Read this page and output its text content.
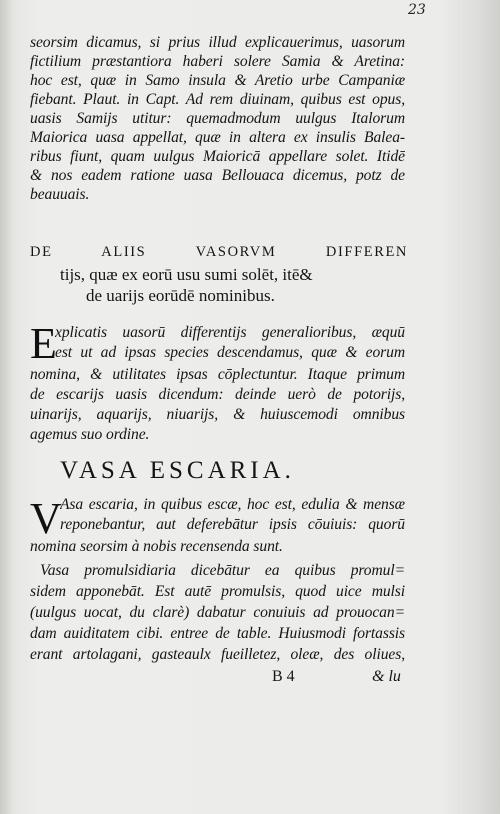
23
seorsim dicamus, si prius illud explicauerimus, uasorum
fictilium præstantiora haberi solere Samia & Aretina:
hoc est, quæ in Samo insula & Aretio urbe Campaniæ
fiebant. Plaut. in Capt. Ad rem diuinam, quibus est opus,
uasis Samijs utitur: quemadmodum uulgus Italorum
Maiorica uasa appellat, quæ in altera ex insulis Balea-
ribus fiunt, quam uulgus Maioricā appellare solet. Itidē
& nos eadem ratione uasa Bellouaca dicemus, potz de
beauuais.
DE ALIIS VASORVM DIFFEREN
tijs, quæ ex eorū usu sumi solēt, itē&
de uarijs eorūdē nominibus.
E
xplicatis uasorū differentijs generalioribus, æquū
est ut ad ipsas species descendamus, quæ & eorum
nomina, & utilitates ipsas cōplectuntur. Itaque primum
de escarijs uasis dicendum: deinde uerò de potorijs,
uinarijs, aquarijs, niuarijs, & huiuscemodi omnibus
agemus suo ordine.
VASA ESCARIA.
V
Asa escaria, in quibus escæ, hoc est, edulia & mensæ
reponebantur, aut deferebātur ipsis cōuiuis: quorū
nomina seorsim à nobis recensenda sunt.
Vasa promulsidiaria dicebātur ea quibus promul=
sidem apponebāt. Est autē promulsis, quod uice mulsi
(uulgus uocat, du clarè) dabatur conuiuis ad prouocan=
dam auiditatem cibi. entree de table. Huiusmodi fortassis
erant artolagani, gasteaulx fueilletez, oleæ, des oliues,
B 4	& lu
